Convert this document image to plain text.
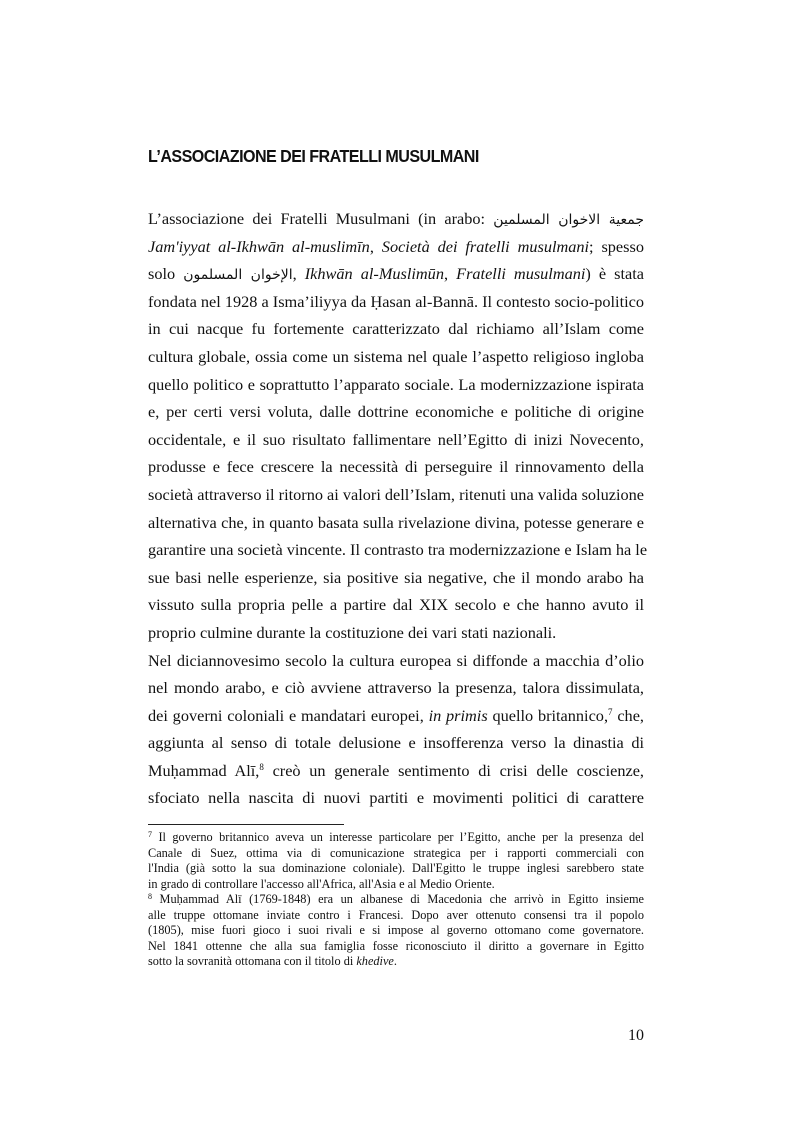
L’ASSOCIAZIONE DEI FRATELLI MUSULMANI
L’associazione dei Fratelli Musulmani (in arabo: جمعية الاخوان المسلمين
Jam'iyyat al-Ikhwān al-muslimīn, Società dei fratelli musulmani; spesso
solo الإخوان المسلمون, Ikhwān al-Muslimūn, Fratelli musulmani) è stata
fondata nel 1928 a Isma’iliyya da Ḥasan al-Bannā. Il contesto socio-politico
in cui nacque fu fortemente caratterizzato dal richiamo all’Islam come
cultura globale, ossia come un sistema nel quale l’aspetto religioso ingloba
quello politico e soprattutto l’apparato sociale. La modernizzazione ispirata
e, per certi versi voluta, dalle dottrine economiche e politiche di origine
occidentale, e il suo risultato fallimentare nell’Egitto di inizi Novecento,
produsse e fece crescere la necessità di perseguire il rinnovamento della
società attraverso il ritorno ai valori dell’Islam, ritenuti una valida soluzione
alternativa che, in quanto basata sulla rivelazione divina, potesse generare e
garantire una società vincente. Il contrasto tra modernizzazione e Islam ha le
sue basi nelle esperienze, sia positive sia negative, che il mondo arabo ha
vissuto sulla propria pelle a partire dal XIX secolo e che hanno avuto il
proprio culmine durante la costituzione dei vari stati nazionali.
Nel diciannovesimo secolo la cultura europea si diffonde a macchia d’olio
nel mondo arabo, e ciò avviene attraverso la presenza, talora dissimulata,
dei governi coloniali e mandatari europei, in primis quello britannico,$^7$ che,
aggiunta al senso di totale delusione e insofferenza verso la dinastia di
Muḥammad Alī,$^8$ creò un generale sentimento di crisi delle coscienze,
sfociato nella nascita di nuovi partiti e movimenti politici di carattere
$^7$ Il governo britannico aveva un interesse particolare per l’Egitto, anche per la presenza del
Canale di Suez, ottima via di comunicazione strategica per i rapporti commerciali con
l'India (già sotto la sua dominazione coloniale). Dall'Egitto le truppe inglesi sarebbero state
in grado di controllare l'accesso all'Africa, all'Asia e al Medio Oriente.
$^8$ Muḥammad Alī (1769-1848) era un albanese di Macedonia che arrivò in Egitto insieme
alle truppe ottomane inviate contro i Francesi. Dopo aver ottenuto consensi tra il popolo
(1805), mise fuori gioco i suoi rivali e si impose al governo ottomano come governatore.
Nel 1841 ottenne che alla sua famiglia fosse riconosciuto il diritto a governare in Egitto
sotto la sovranità ottomana con il titolo di khedive.
10
